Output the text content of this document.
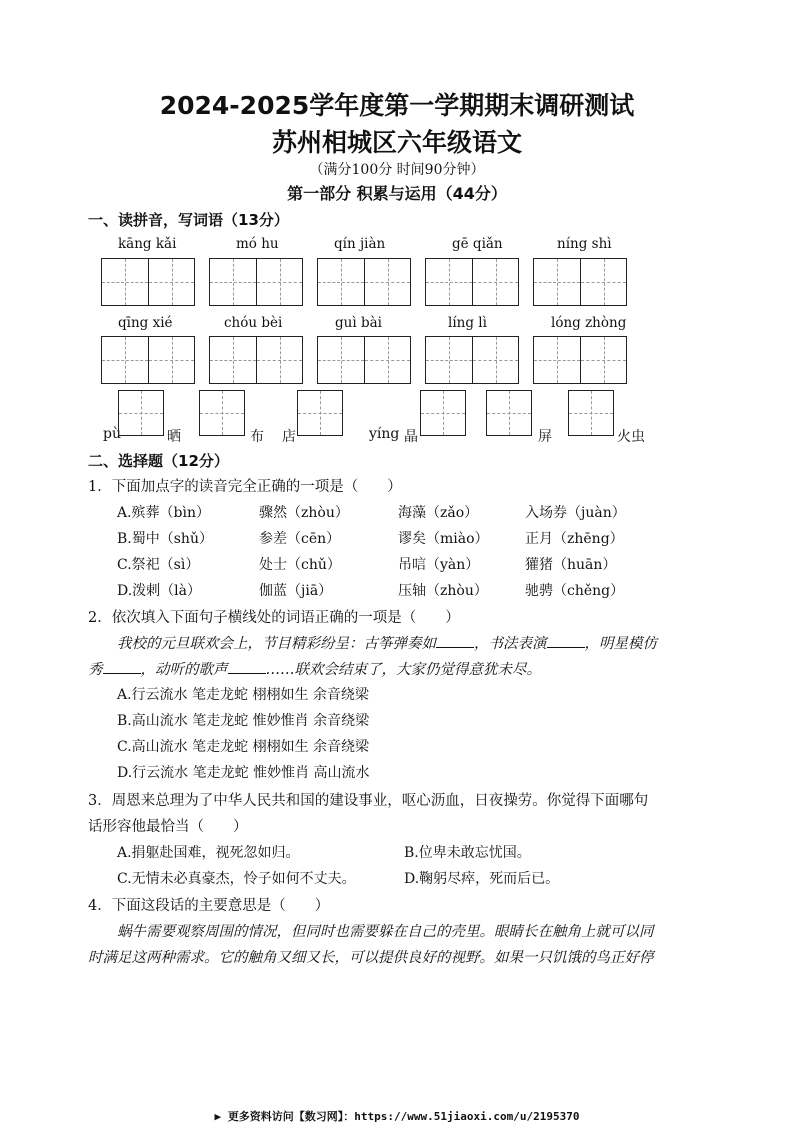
2024-2025学年度第一学期期末调研测试
苏州相城区六年级语文
（满分100分 时间90分钟）
第一部分 积累与运用（44分）
一、读拼音，写词语（13分）
kāng kǎi	mó hu	qín jiàn	gē qiǎn	níng shì
qīng xié	chóu bèi	guì bài	líng lì	lóng zhòng
pù	晒	布 店	yíng 晶	屏	火虫
二、选择题（12分）
1．下面加点字的读音完全正确的一项是（　　）
A.殡葬（bìn）	骤然（zhòu）	海藻（zǎo）	入场券（juàn）
B.蜀中（shǔ）	参差（cēn）	谬矣（miào）	正月（zhēng）
C.祭祀（sì）	处士（chǔ）	吊唁（yàn）	獾猪（huān）
D.泼剌（là）	伽蓝（jiā）	压轴（zhòu）	驰骋（chěng）
2．依次填入下面句子横线处的词语正确的一项是（　　）
我校的元旦联欢会上，节目精彩纷呈：古筝弹奏如	，书法表演	，明星模仿
秀	，动听的歌声	……联欢会结束了，大家仍觉得意犹未尽。
A.行云流水 笔走龙蛇 栩栩如生 余音绕梁
B.高山流水 笔走龙蛇 惟妙惟肖 余音绕梁
C.高山流水 笔走龙蛇 栩栩如生 余音绕梁
D.行云流水 笔走龙蛇 惟妙惟肖 高山流水
3．周恩来总理为了中华人民共和国的建设事业，呕心沥血，日夜操劳。你觉得下面哪句
话形容他最恰当（　　）
A.捐躯赴国难，视死忽如归。	B.位卑未敢忘忧国。
C.无情未必真豪杰，怜子如何不丈夫。	D.鞠躬尽瘁，死而后已。
4．下面这段话的主要意思是（　　）
蜗牛需要观察周围的情况，但同时也需要躲在自己的壳里。眼睛长在触角上就可以同
时满足这两种需求。它的触角又细又长，可以提供良好的视野。如果一只饥饿的鸟正好停
▶ 更多资料访问【数习网】：https://www.51jiaoxi.com/u/2195370
